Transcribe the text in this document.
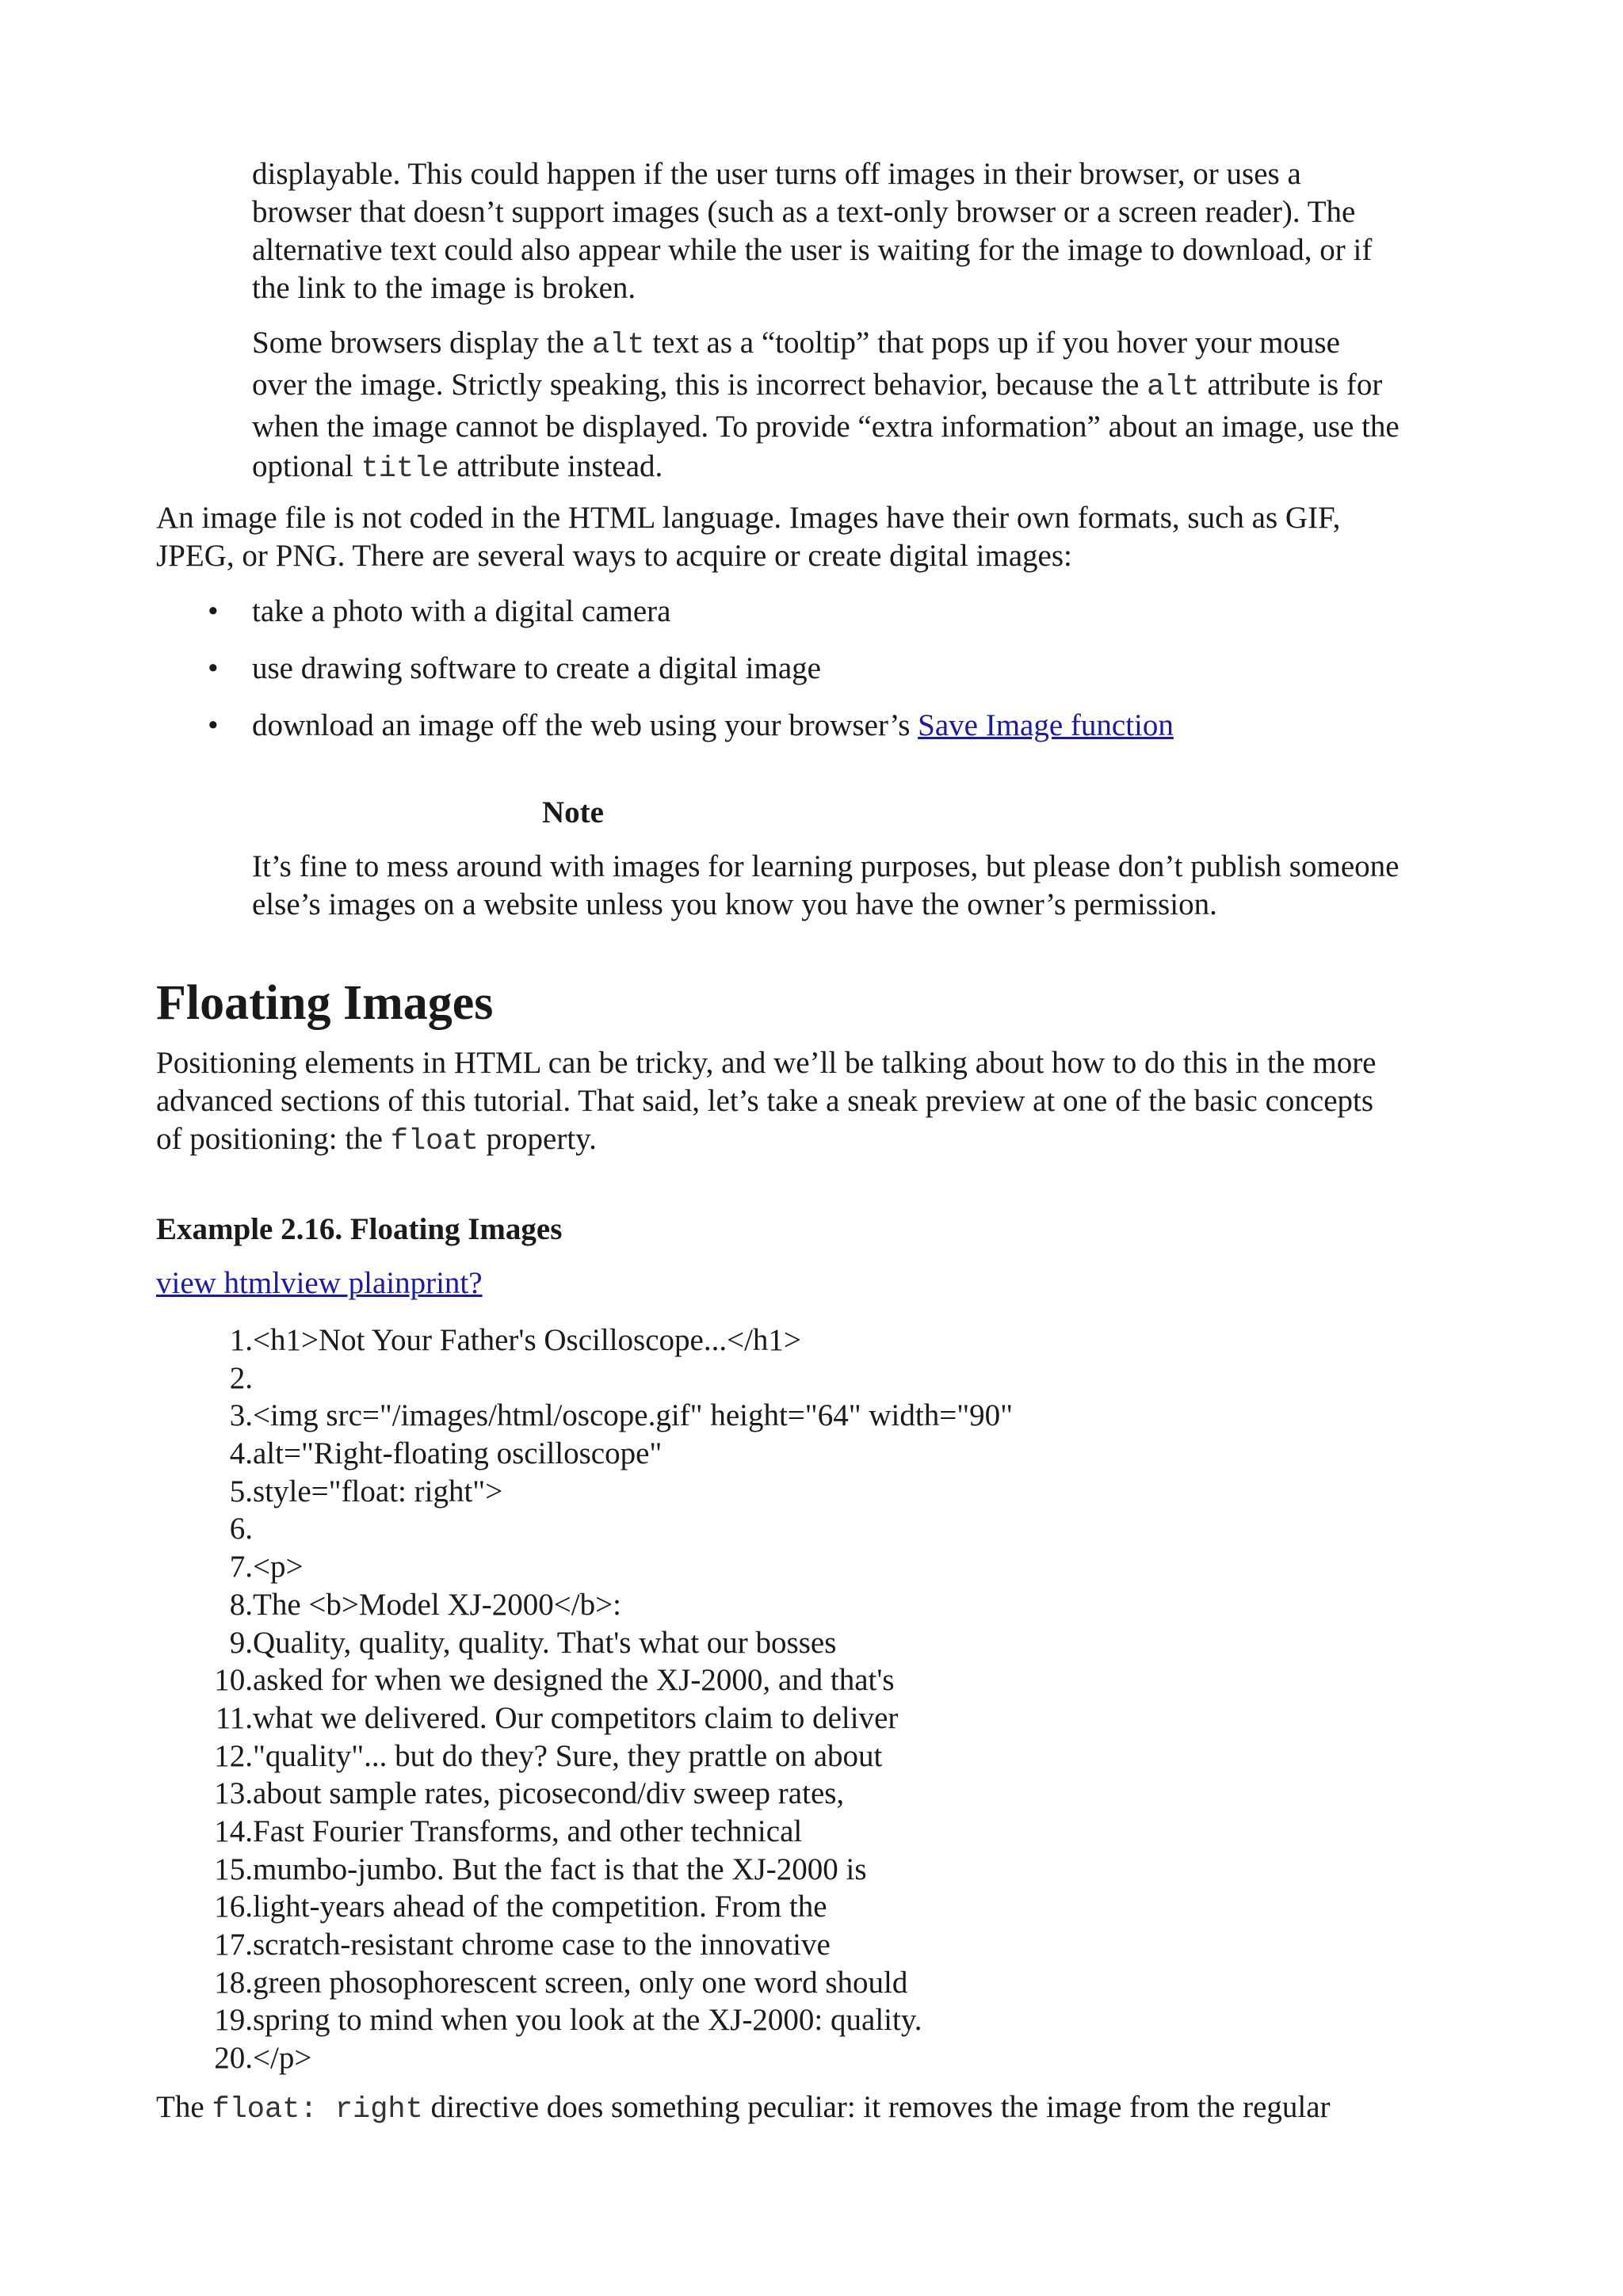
displayable. This could happen if the user turns off images in their browser, or uses a
browser that doesn’t support images (such as a text-only browser or a screen reader). The
alternative text could also appear while the user is waiting for the image to download, or if
the link to the image is broken.
Some browsers display the alt text as a “tooltip” that pops up if you hover your mouse
over the image. Strictly speaking, this is incorrect behavior, because the alt attribute is for
when the image cannot be displayed. To provide “extra information” about an image, use the
optional title attribute instead.
An image file is not coded in the HTML language. Images have their own formats, such as GIF,
JPEG, or PNG. There are several ways to acquire or create digital images:
• take a photo with a digital camera
• use drawing software to create a digital image
• download an image off the web using your browser’s Save Image function
Note
It’s fine to mess around with images for learning purposes, but please don’t publish someone
else’s images on a website unless you know you have the owner’s permission.
Floating Images
Positioning elements in HTML can be tricky, and we’ll be talking about how to do this in the more
advanced sections of this tutorial. That said, let’s take a sneak preview at one of the basic concepts
of positioning: the float property.
Example 2.16. Floating Images
view htmlview plainprint?
1.<h1>Not Your Father's Oscilloscope...</h1>
2.
3.<img src="/images/html/oscope.gif" height="64" width="90"
4.alt="Right-floating oscilloscope"
5.style="float: right">
6.
7.<p>
8.The <b>Model XJ-2000</b>:
9.Quality, quality, quality. That's what our bosses
10.asked for when we designed the XJ-2000, and that's
11.what we delivered. Our competitors claim to deliver
12."quality"... but do they? Sure, they prattle on about
13.about sample rates, picosecond/div sweep rates,
14.Fast Fourier Transforms, and other technical
15.mumbo-jumbo. But the fact is that the XJ-2000 is
16.light-years ahead of the competition. From the
17.scratch-resistant chrome case to the innovative
18.green phosophorescent screen, only one word should
19.spring to mind when you look at the XJ-2000: quality.
20.</p>
The float: right directive does something peculiar: it removes the image from the regular
